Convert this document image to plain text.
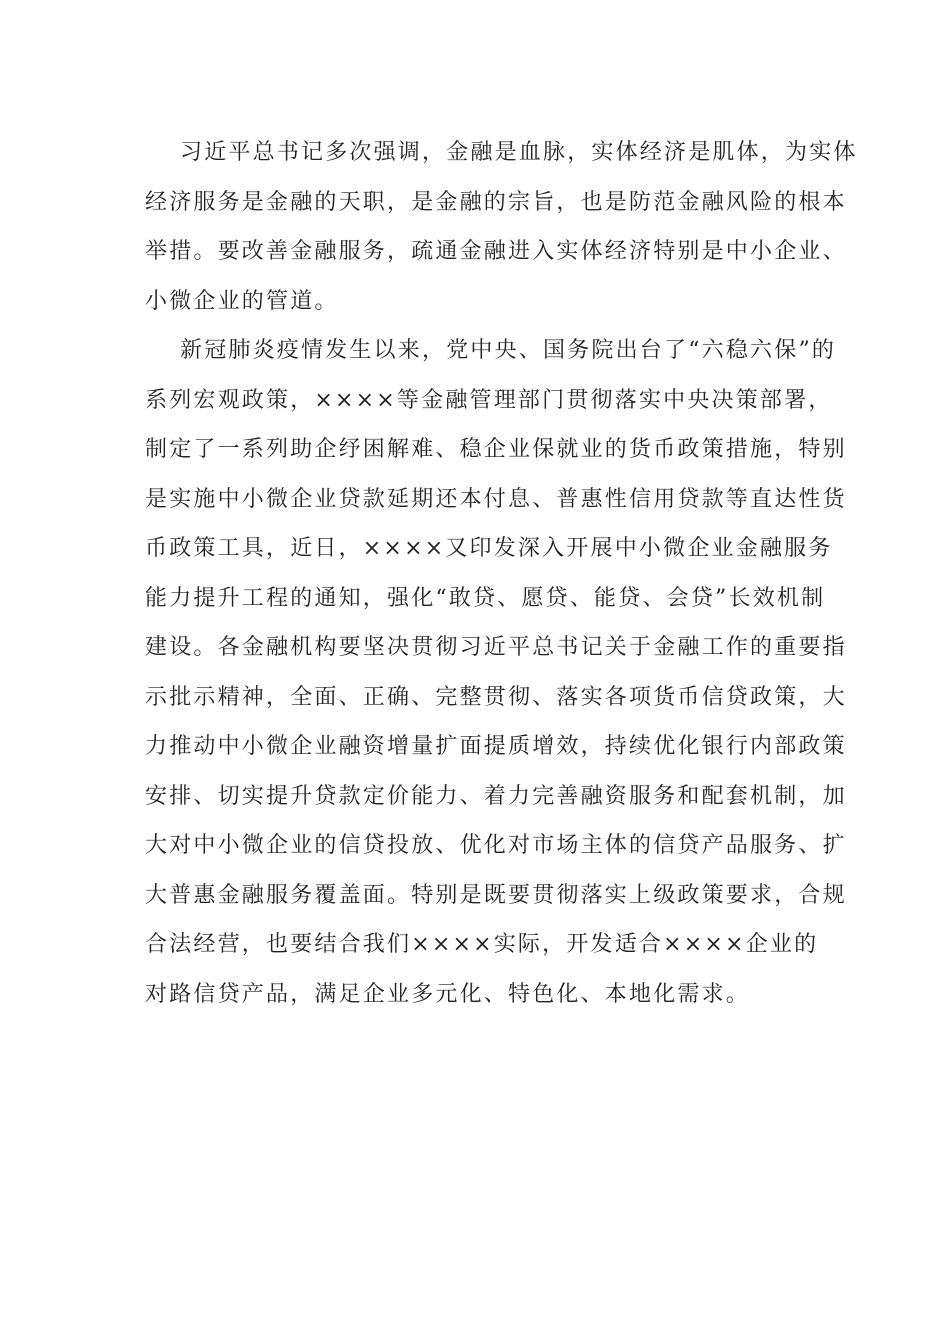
习近平总书记多次强调，金融是血脉，实体经济是肌体，为实体
经济服务是金融的天职，是金融的宗旨，也是防范金融风险的根本
举措。要改善金融服务，疏通金融进入实体经济特别是中小企业、
小微企业的管道。
新冠肺炎疫情发生以来，党中央、国务院出台了“六稳六保”的
系列宏观政策，××××等金融管理部门贯彻落实中央决策部署，
制定了一系列助企纾困解难、稳企业保就业的货币政策措施，特别
是实施中小微企业贷款延期还本付息、普惠性信用贷款等直达性货
币政策工具，近日，××××又印发深入开展中小微企业金融服务
能力提升工程的通知，强化“敢贷、愿贷、能贷、会贷”长效机制
建设。各金融机构要坚决贯彻习近平总书记关于金融工作的重要指
示批示精神，全面、正确、完整贯彻、落实各项货币信贷政策，大
力推动中小微企业融资增量扩面提质增效，持续优化银行内部政策
安排、切实提升贷款定价能力、着力完善融资服务和配套机制，加
大对中小微企业的信贷投放、优化对市场主体的信贷产品服务、扩
大普惠金融服务覆盖面。特别是既要贯彻落实上级政策要求，合规
合法经营，也要结合我们××××实际，开发适合××××企业的
对路信贷产品，满足企业多元化、特色化、本地化需求。
